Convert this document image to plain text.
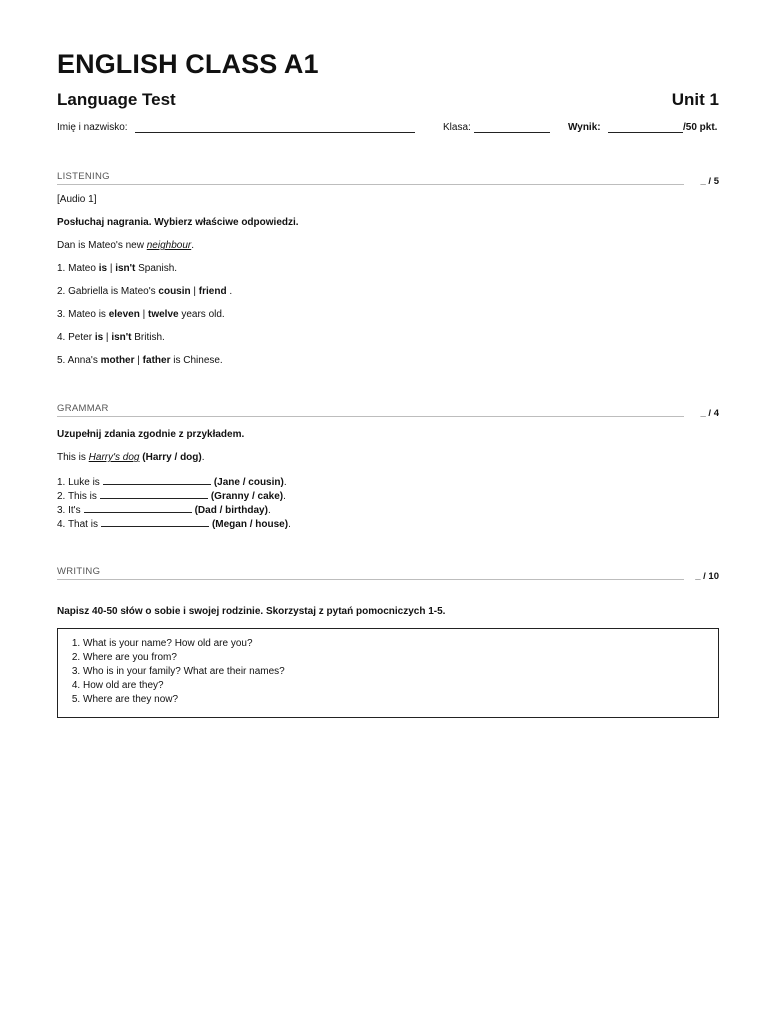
ENGLISH CLASS A1
Language Test	Unit 1
Imię i nazwisko:	Klasa:	Wynik:	/50 pkt.
LISTENING	_ / 5
[Audio 1]
Posłuchaj nagrania. Wybierz właściwe odpowiedzi.
Dan is Mateo's new neighbour.
1. Mateo is | isn't Spanish.
2. Gabriella is Mateo's cousin | friend .
3. Mateo is eleven | twelve years old.
4. Peter is | isn't British.
5. Anna's mother | father is Chinese.
GRAMMAR	_ / 4
Uzupełnij zdania zgodnie z przykładem.
This is Harry's dog (Harry / dog).
1. Luke is	(Jane / cousin).
2. This is	(Granny / cake).
3. It's	(Dad / birthday).
4. That is	(Megan / house).
WRITING	_ / 10
Napisz 40-50 słów o sobie i swojej rodzinie. Skorzystaj z pytań pomocniczych 1-5.
1. What is your name? How old are you?
2. Where are you from?
3. Who is in your family? What are their names?
4. How old are they?
5. Where are they now?
